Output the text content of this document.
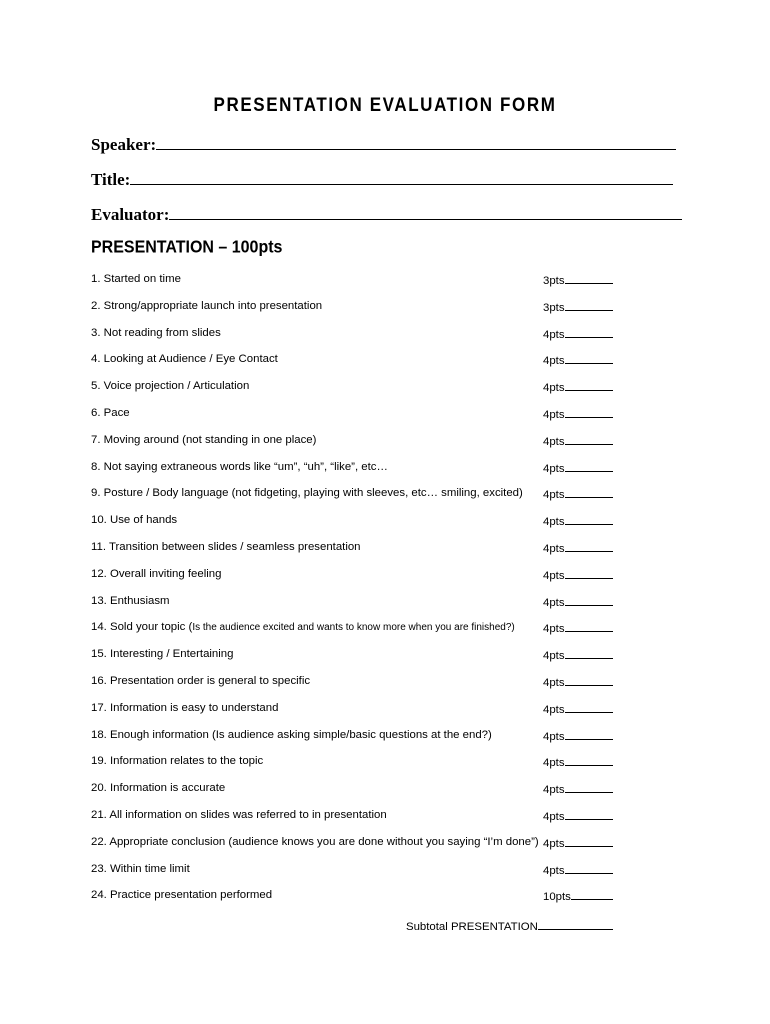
PRESENTATION EVALUATION FORM
Speaker:
Title:
Evaluator:
PRESENTATION – 100pts
1. Started on time	3pts
2. Strong/appropriate launch into presentation	3pts
3. Not reading from slides	4pts
4. Looking at Audience / Eye Contact	4pts
5. Voice projection / Articulation	4pts
6. Pace	4pts
7. Moving around (not standing in one place)	4pts
8. Not saying extraneous words like “um”, “uh”, “like”, etc…	4pts
9. Posture / Body language (not fidgeting, playing with sleeves, etc… smiling, excited) 4pts
10. Use of hands	4pts
11. Transition between slides / seamless presentation	4pts
12. Overall inviting feeling	4pts
13. Enthusiasm	4pts
14. Sold your topic (Is the audience excited and wants to know more when you are finished?) 4pts
15. Interesting / Entertaining	4pts
16. Presentation order is general to specific	4pts
17. Information is easy to understand	4pts
18. Enough information (Is audience asking simple/basic questions at the end?)	4pts
19. Information relates to the topic	4pts
20. Information is accurate	4pts
21. All information on slides was referred to in presentation	4pts
22. Appropriate conclusion (audience knows you are done without you saying “I’m done”) 4pts
23. Within time limit	4pts
24. Practice presentation performed	10pts
Subtotal PRESENTATION
